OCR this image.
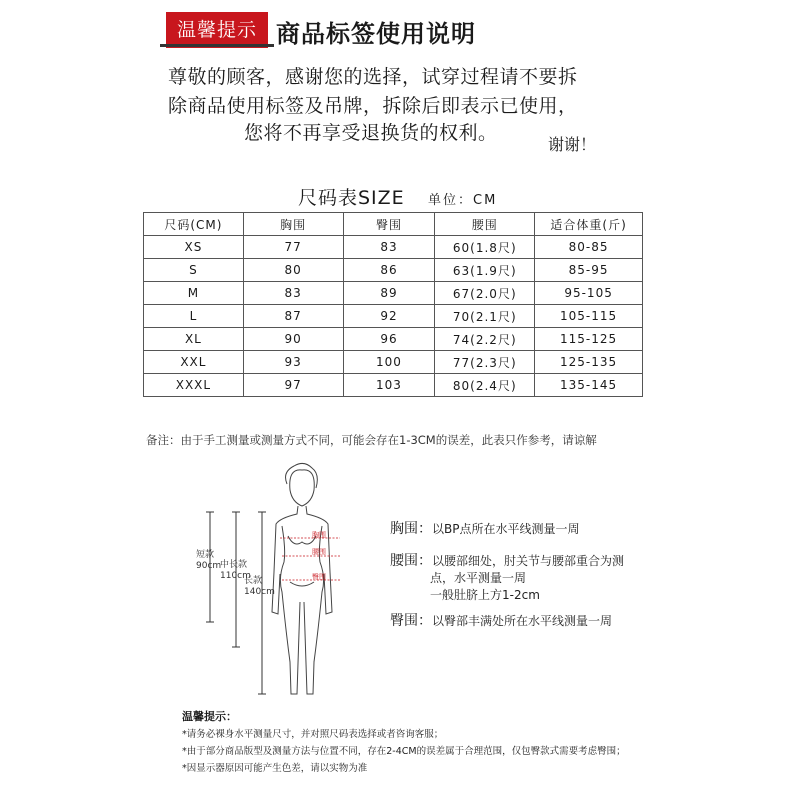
温馨提示 商品标签使用说明
尊敬的顾客，感谢您的选择，试穿过程请不要拆
除商品使用标签及吊牌，拆除后即表示已使用，
您将不再享受退换货的权利。
谢谢！
尺码表SIZE 单位：CM
尺码(CM)	胸围	臀围	腰围	适合体重(斤)
XS	77	83	60(1.8尺)	80-85
S	80	86	63(1.9尺)	85-95
M	83	89	67(2.0尺)	95-105
L	87	92	70(2.1尺)	105-115
XL	90	96	74(2.2尺)	115-125
XXL	93	100	77(2.3尺)	125-135
XXXL	97	103	80(2.4尺)	135-145
备注：由于手工测量或测量方式不同，可能会存在1-3CM的误差，此表只作参考，请谅解
胸围
腰围
臀围
短款
90cm
中长款
110cm
长款
140cm
胸围：以BP点所在水平线测量一周
腰围：以腰部细处，肘关节与腰部重合为测
点，水平测量一周
一般肚脐上方1-2cm
臀围：以臀部丰满处所在水平线测量一周
温馨提示：
*请务必裸身水平测量尺寸，并对照尺码表选择或者咨询客服；
*由于部分商品版型及测量方法与位置不同，存在2-4CM的误差属于合理范围，仅包臀款式需要考虑臀围；
*因显示器原因可能产生色差，请以实物为准
